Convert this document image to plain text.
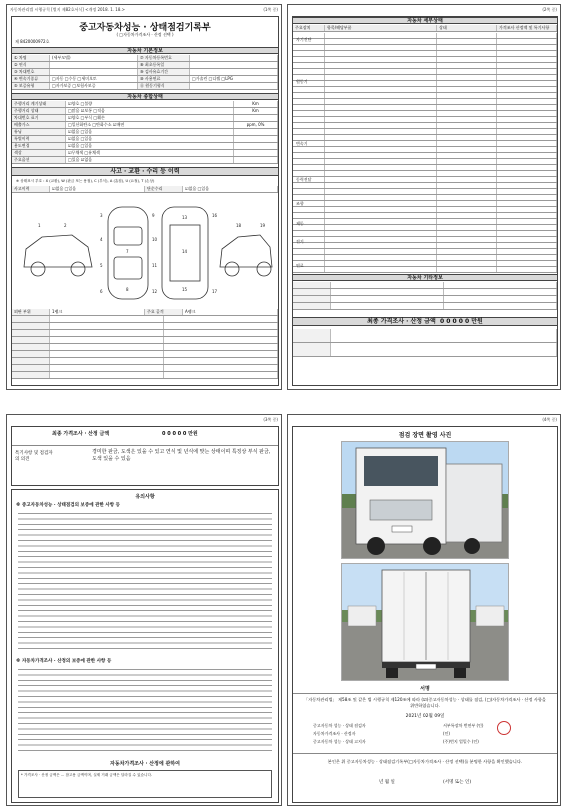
자동차관리법 시행규칙 [별지 제82호서식] <개정 2018. 1. 18.>	(1쪽 중)
중고자동차성능 · 상태점검기록부
( □자동차가격조사 · 산정 선택 )
제 8420000972호
자동차 기본정보
① 차명	(세부모델)	⑦ 자동차등록번호
② 연식	⑧ 최초등록일
③ 차대번호	⑨ 검사유효기간
④ 변속기종류	□자동 □수동 □세미오토	⑩ 사용연료	□가솔린 □디젤 □LPG
⑤ 보증유형	□자가보증 □보험사보증	⑪ 원동기형식
자동차 종합상태
주행거리 계기상태	☑양호 □불량	Km
주행거리 상태	□많음 ☑보통 □적음	Km
차대번호 표기	☑양호 □부식 □훼손
배출가스	□일산화탄소 □탄화수소 ☑매연	ppm, 0%
튜닝	☑없음 □있음
특별이력	☑없음 □있음
용도변경	☑없음 □있음
색상	☑무채색 □유채색
주요옵션	□있음 ☑없음
사고 · 교환 · 수리 등 이력
※ 상태표시 부호 : X (교환), W (판금 또는 용접), C (부식), A (흠집), U (요철), T (손상)
사고이력	☑없음 □있음	단순수리	☑없음 □있음
1	2
3
4
5
6
7
8
9
10
11
12
13
14
15
16
17
18	19
외판 부위	1랭크	주요 골격	A랭크
(2쪽 중)
자동차 세부상태
주요장치	항목/해당부품	상태	가격조사 산정액 및 특기사항
자기진단
원동기
변속기
동력전달
조향
제동
전기
연료
자동차 기타정보
최종 가격조사 · 산정 금액 0 0 0 0 0 만원
(3쪽 중)
최종 가격조사 · 산정 금액	0 0 0 0 0 만원
특기사항 및 점검자의 의견
경미한 판금, 도색은 있을 수 있고 연식 및 년식에 맞는 상태이며 특징상 부식 판금, 도색 있을 수 있음
유의사항
※ 중고자동차성능 · 상태점검의 보증에 관한 사항 등
※ 자동차가격조사 · 산정의 보증에 관한 사항 등
자동차가격조사 · 산정에 관하여
* 가격조사 · 산정 금액은 ... 참고용 금액이며, 실제 거래 금액은 달라질 수 있습니다.
(4쪽 중)
점검 장면 촬영 사진
서명
「자동차관리법」 제58조 및 같은 법 시행규칙 제120조에 따라 (☑)중고자동차성능 · 상태를 점검, (□)자동차가격조사 · 산정 사항을 위반하였습니다.
2021년 02월 09일
중고자동차 성능 · 상태 점검자	서부특장차 번연부 (인)
자동차가격조사 · 산정자	(인)
중고자동차 성능 · 상태 고지자	(주)번지 업밀수 (인)
본인은 위 중고자동차성능 · 상태점검기록부(□자동차가격조사 · 산정 선택)를 분명한 사항을 확인했습니다.
년 월 일	(서명 또는 인)
